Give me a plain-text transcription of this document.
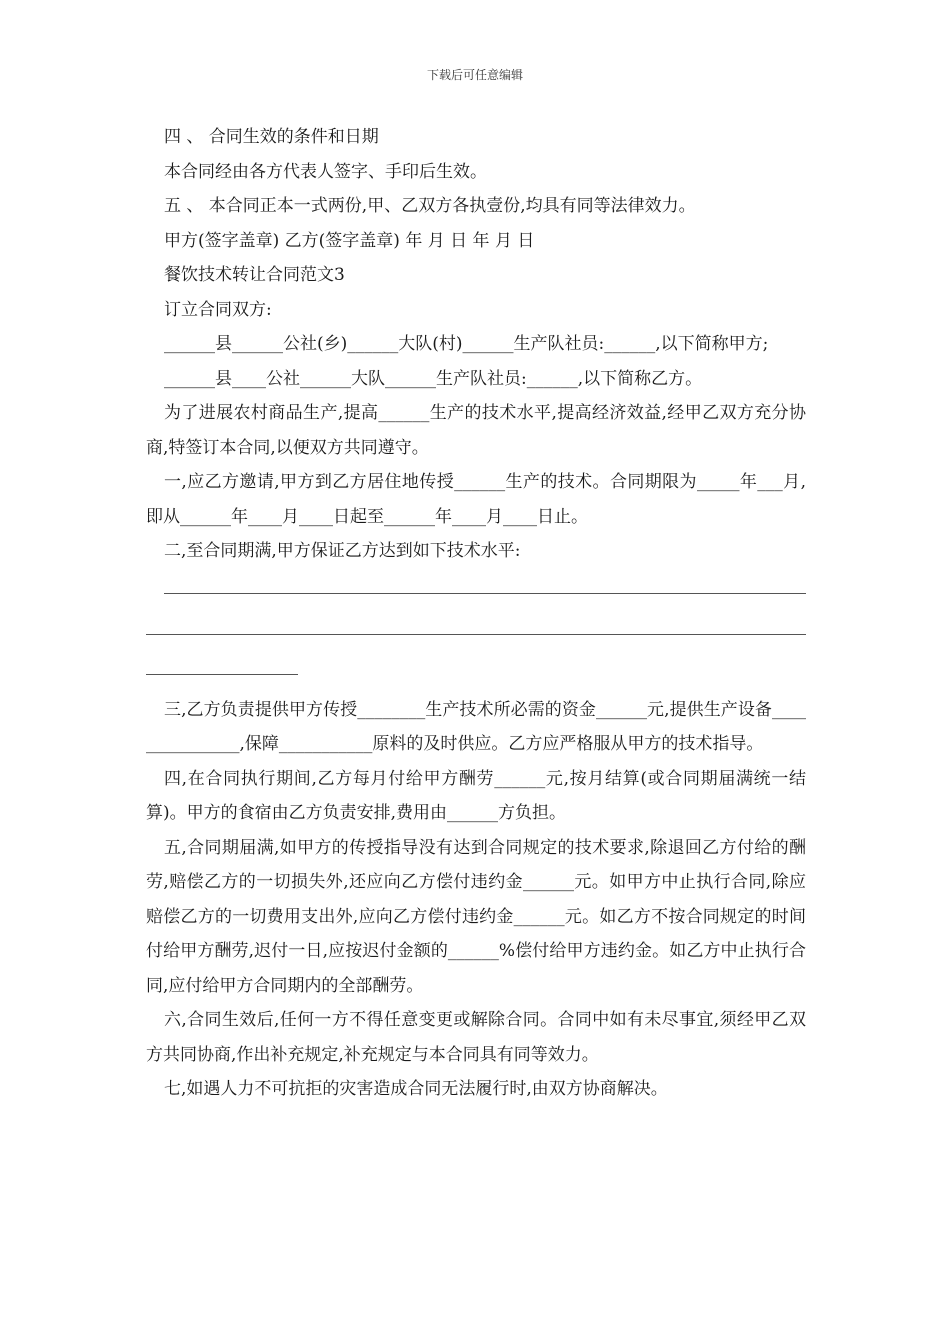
下载后可任意编辑

四 、 合同生效的条件和日期

本合同经由各方代表人签字、手印后生效。

五 、 本合同正本一式两份,甲、乙双方各执壹份,均具有同等法律效力。

甲方(签字盖章) 乙方(签字盖章) 年 月 日 年 月 日

餐饮技术转让合同范文3

订立合同双方:

______县______公社(乡)______大队(村)______生产队社员:______,以下简称甲方;

______县____公社______大队______生产队社员:______,以下简称乙方。

为了进展农村商品生产,提高______生产的技术水平,提高经济效益,经甲乙双方充分协商,特签订本合同,以便双方共同遵守。

一,应乙方邀请,甲方到乙方居住地传授______生产的技术。合同期限为_____年___月,即从______年____月____日起至______年____月____日止。

二,至合同期满,甲方保证乙方达到如下技术水平:

三,乙方负责提供甲方传授________生产技术所必需的资金______元,提供生产设备_______________,保障___________原料的及时供应。乙方应严格服从甲方的技术指导。

四,在合同执行期间,乙方每月付给甲方酬劳______元,按月结算(或合同期届满统一结算)。甲方的食宿由乙方负责安排,费用由______方负担。

五,合同期届满,如甲方的传授指导没有达到合同规定的技术要求,除退回乙方付给的酬劳,赔偿乙方的一切损失外,还应向乙方偿付违约金______元。如甲方中止执行合同,除应赔偿乙方的一切费用支出外,应向乙方偿付违约金______元。如乙方不按合同规定的时间付给甲方酬劳,迟付一日,应按迟付金额的______%偿付给甲方违约金。如乙方中止执行合同,应付给甲方合同期内的全部酬劳。

六,合同生效后,任何一方不得任意变更或解除合同。合同中如有未尽事宜,须经甲乙双方共同协商,作出补充规定,补充规定与本合同具有同等效力。

七,如遇人力不可抗拒的灾害造成合同无法履行时,由双方协商解决。
